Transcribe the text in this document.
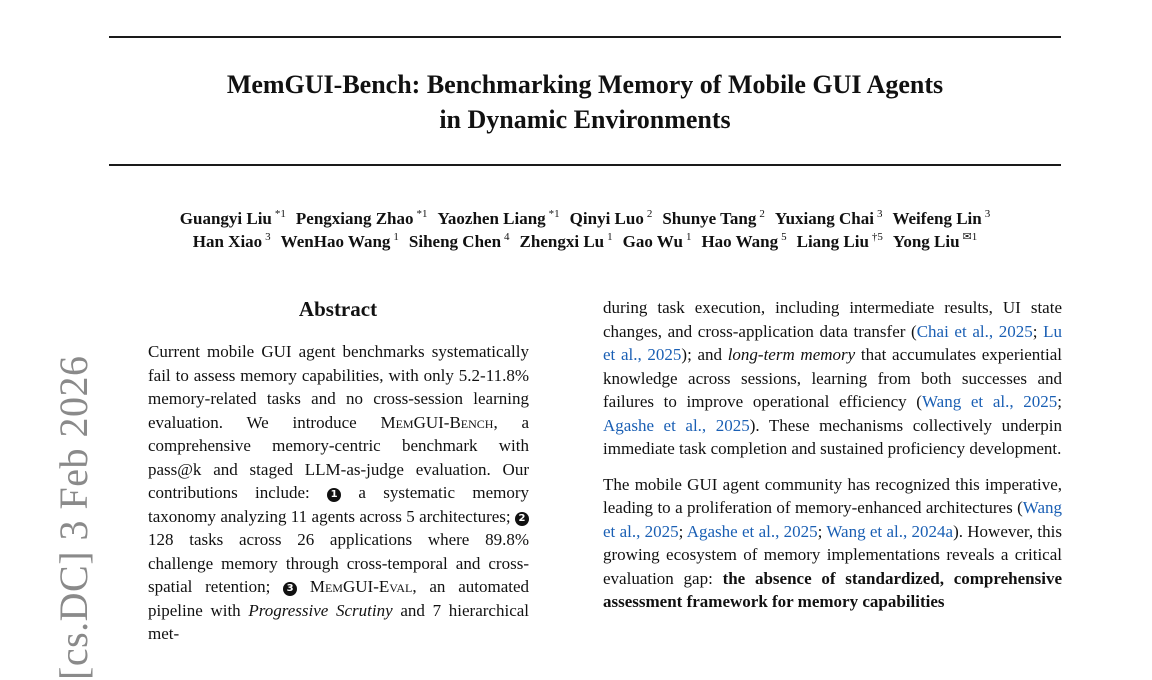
MemGUI-Bench: Benchmarking Memory of Mobile GUI Agents
in Dynamic Environments
Guangyi Liu $^{*1}$ Pengxiang Zhao $^{*1}$ Yaozhen Liang $^{*1}$ Qinyi Luo $^2$ Shunye Tang $^2$ Yuxiang Chai $^3$ Weifeng Lin $^3$
Han Xiao $^3$ WenHao Wang $^1$ Siheng Chen $^4$ Zhengxi Lu $^1$ Gao Wu $^1$ Hao Wang $^5$ Liang Liu $^{\dagger 5}$ Yong Liu $^{✉1}$
[cs.DC] 3 Feb 2026
Abstract
Current mobile GUI agent benchmarks systematically fail to assess memory capabilities, with only 5.2-11.8% memory-related tasks and no cross-session learning evaluation. We introduce MemGUI-Bench, a comprehensive memory-centric benchmark with pass@k and staged LLM-as-judge evaluation. Our contributions include: 1 a systematic memory taxonomy analyzing 11 agents across 5 architectures; 2 128 tasks across 26 applications where 89.8% challenge memory through cross-temporal and cross-spatial retention; 3 MemGUI-Eval, an automated pipeline with Progressive Scrutiny and 7 hierarchical met-

during task execution, including intermediate results, UI state changes, and cross-application data transfer (Chai et al., 2025; Lu et al., 2025); and long-term memory that accumulates experiential knowledge across sessions, learning from both successes and failures to improve operational efficiency (Wang et al., 2025; Agashe et al., 2025). These mechanisms collectively underpin immediate task completion and sustained proficiency development.

The mobile GUI agent community has recognized this imperative, leading to a proliferation of memory-enhanced architectures (Wang et al., 2025; Agashe et al., 2025; Wang et al., 2024a). However, this growing ecosystem of memory implementations reveals a critical evaluation gap: the absence of standardized, comprehensive assessment framework for memory capabilities
